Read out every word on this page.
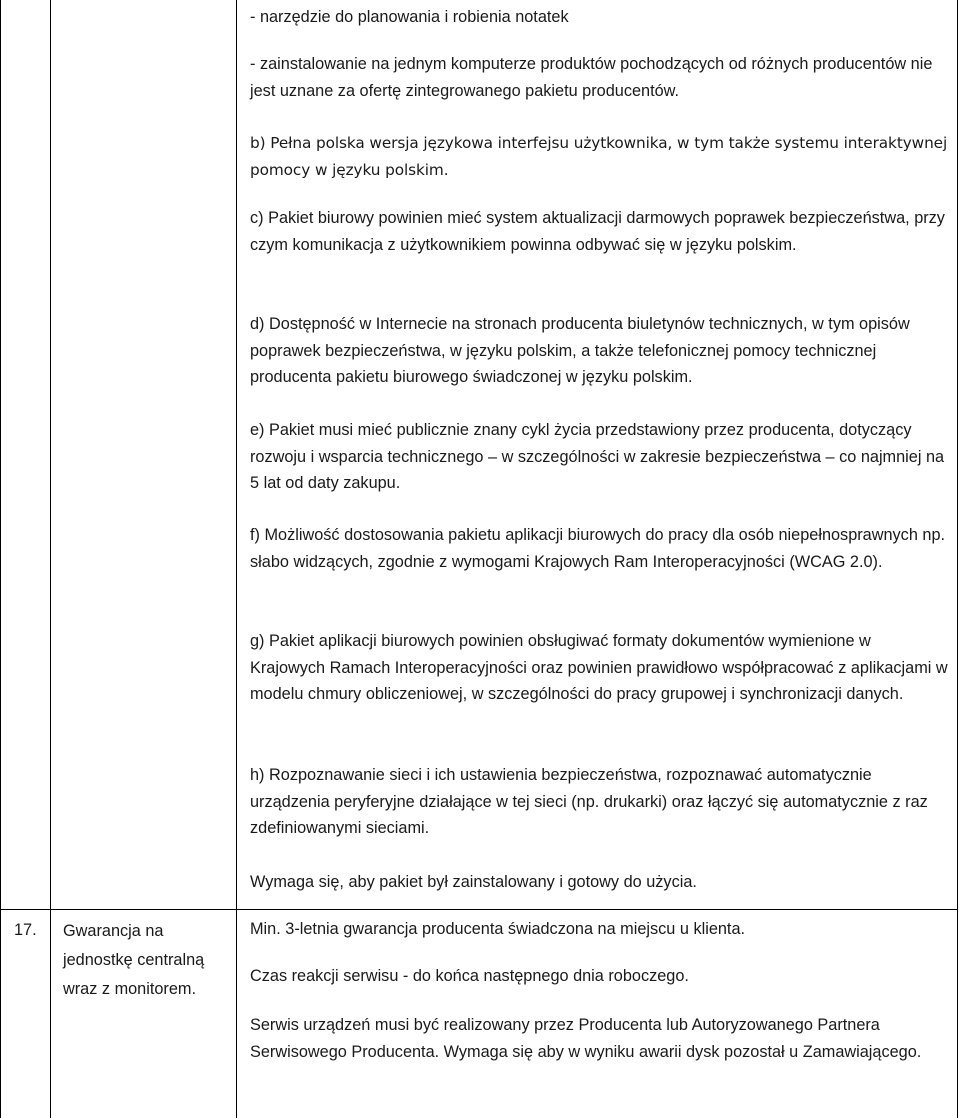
- narzędzie do planowania i robienia notatek

- zainstalowanie na jednym komputerze produktów pochodzących od różnych producentów nie jest uznane za ofertę zintegrowanego pakietu producentów.

b) Pełna polska wersja językowa interfejsu użytkownika, w tym także systemu interaktywnej pomocy w języku polskim.

c) Pakiet biurowy powinien mieć system aktualizacji darmowych poprawek bezpieczeństwa, przy czym komunikacja z użytkownikiem powinna odbywać się w języku polskim.

d) Dostępność w Internecie na stronach producenta biuletynów technicznych, w tym opisów poprawek bezpieczeństwa, w języku polskim, a także telefonicznej pomocy technicznej producenta pakietu biurowego świadczonej w języku polskim.

e) Pakiet musi mieć publicznie znany cykl życia przedstawiony przez producenta, dotyczący rozwoju i wsparcia technicznego – w szczególności w zakresie bezpieczeństwa – co najmniej na 5 lat od daty zakupu.

f) Możliwość dostosowania pakietu aplikacji biurowych do pracy dla osób niepełnosprawnych np. słabo widzących, zgodnie z wymogami Krajowych Ram Interoperacyjności (WCAG 2.0).

g) Pakiet aplikacji biurowych powinien obsługiwać formaty dokumentów wymienione w Krajowych Ramach Interoperacyjności oraz powinien prawidłowo współpracować z aplikacjami w modelu chmury obliczeniowej, w szczególności do pracy grupowej i synchronizacji danych.

h) Rozpoznawanie sieci i ich ustawienia bezpieczeństwa, rozpoznawać automatycznie urządzenia peryferyjne działające w tej sieci (np. drukarki) oraz łączyć się automatycznie z raz zdefiniowanymi sieciami.

Wymaga się, aby pakiet był zainstalowany i gotowy do użycia.

17. Gwarancja na jednostkę centralną wraz z monitorem.

Min. 3-letnia gwarancja producenta świadczona na miejscu u klienta.

Czas reakcji serwisu - do końca następnego dnia roboczego.

Serwis urządzeń musi być realizowany przez Producenta lub Autoryzowanego Partnera Serwisowego Producenta. Wymaga się aby w wyniku awarii dysk pozostał u Zamawiającego.
